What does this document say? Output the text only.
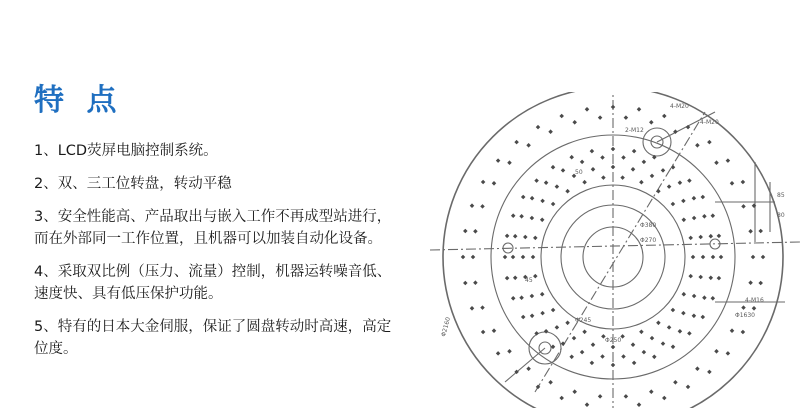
特 点
1、LCD荧屏电脑控制系统。
2、双、三工位转盘，转动平稳
3、安全性能高、产品取出与嵌入工作不再成型站进行，而在外部同一工作位置，且机器可以加装自动化设备。
4、采取双比例（压力、流量）控制，机器运转噪音低、速度快、具有低压保护功能。
5、特有的日本大金伺服，保证了圆盘转动时高速，高定位度。
4-M20
4-M20
2-M12
Φ270
Φ380
Φ245
Φ250
Φ2160
4-M16
Φ1630
85
80
45
50
